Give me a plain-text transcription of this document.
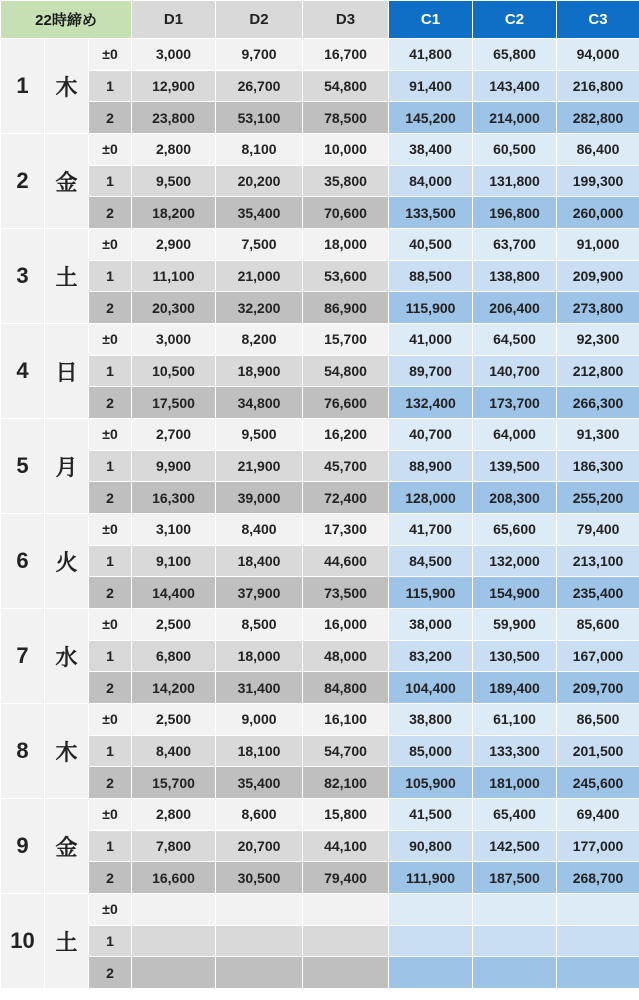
22時締め			D1	D2	D3	C1	C2	C3
1	木	±0	3,000	9,700	16,700	41,800	65,800	94,000
		1	12,900	26,700	54,800	91,400	143,400	216,800
		2	23,800	53,100	78,500	145,200	214,000	282,800
2	金	±0	2,800	8,100	10,000	38,400	60,500	86,400
		1	9,500	20,200	35,800	84,000	131,800	199,300
		2	18,200	35,400	70,600	133,500	196,800	260,000
3	土	±0	2,900	7,500	18,000	40,500	63,700	91,000
		1	11,100	21,000	53,600	88,500	138,800	209,900
		2	20,300	32,200	86,900	115,900	206,400	273,800
4	日	±0	3,000	8,200	15,700	41,000	64,500	92,300
		1	10,500	18,900	54,800	89,700	140,700	212,800
		2	17,500	34,800	76,600	132,400	173,700	266,300
5	月	±0	2,700	9,500	16,200	40,700	64,000	91,300
		1	9,900	21,900	45,700	88,900	139,500	186,300
		2	16,300	39,000	72,400	128,000	208,300	255,200
6	火	±0	3,100	8,400	17,300	41,700	65,600	79,400
		1	9,100	18,400	44,600	84,500	132,000	213,100
		2	14,400	37,900	73,500	115,900	154,900	235,400
7	水	±0	2,500	8,500	16,000	38,000	59,900	85,600
		1	6,800	18,000	48,000	83,200	130,500	167,000
		2	14,200	31,400	84,800	104,400	189,400	209,700
8	木	±0	2,500	9,000	16,100	38,800	61,100	86,500
		1	8,400	18,100	54,700	85,000	133,300	201,500
		2	15,700	35,400	82,100	105,900	181,000	245,600
9	金	±0	2,800	8,600	15,800	41,500	65,400	69,400
		1	7,800	20,700	44,100	90,800	142,500	177,000
		2	16,600	30,500	79,400	111,900	187,500	268,700
10	土	±0						
		1						
		2						
